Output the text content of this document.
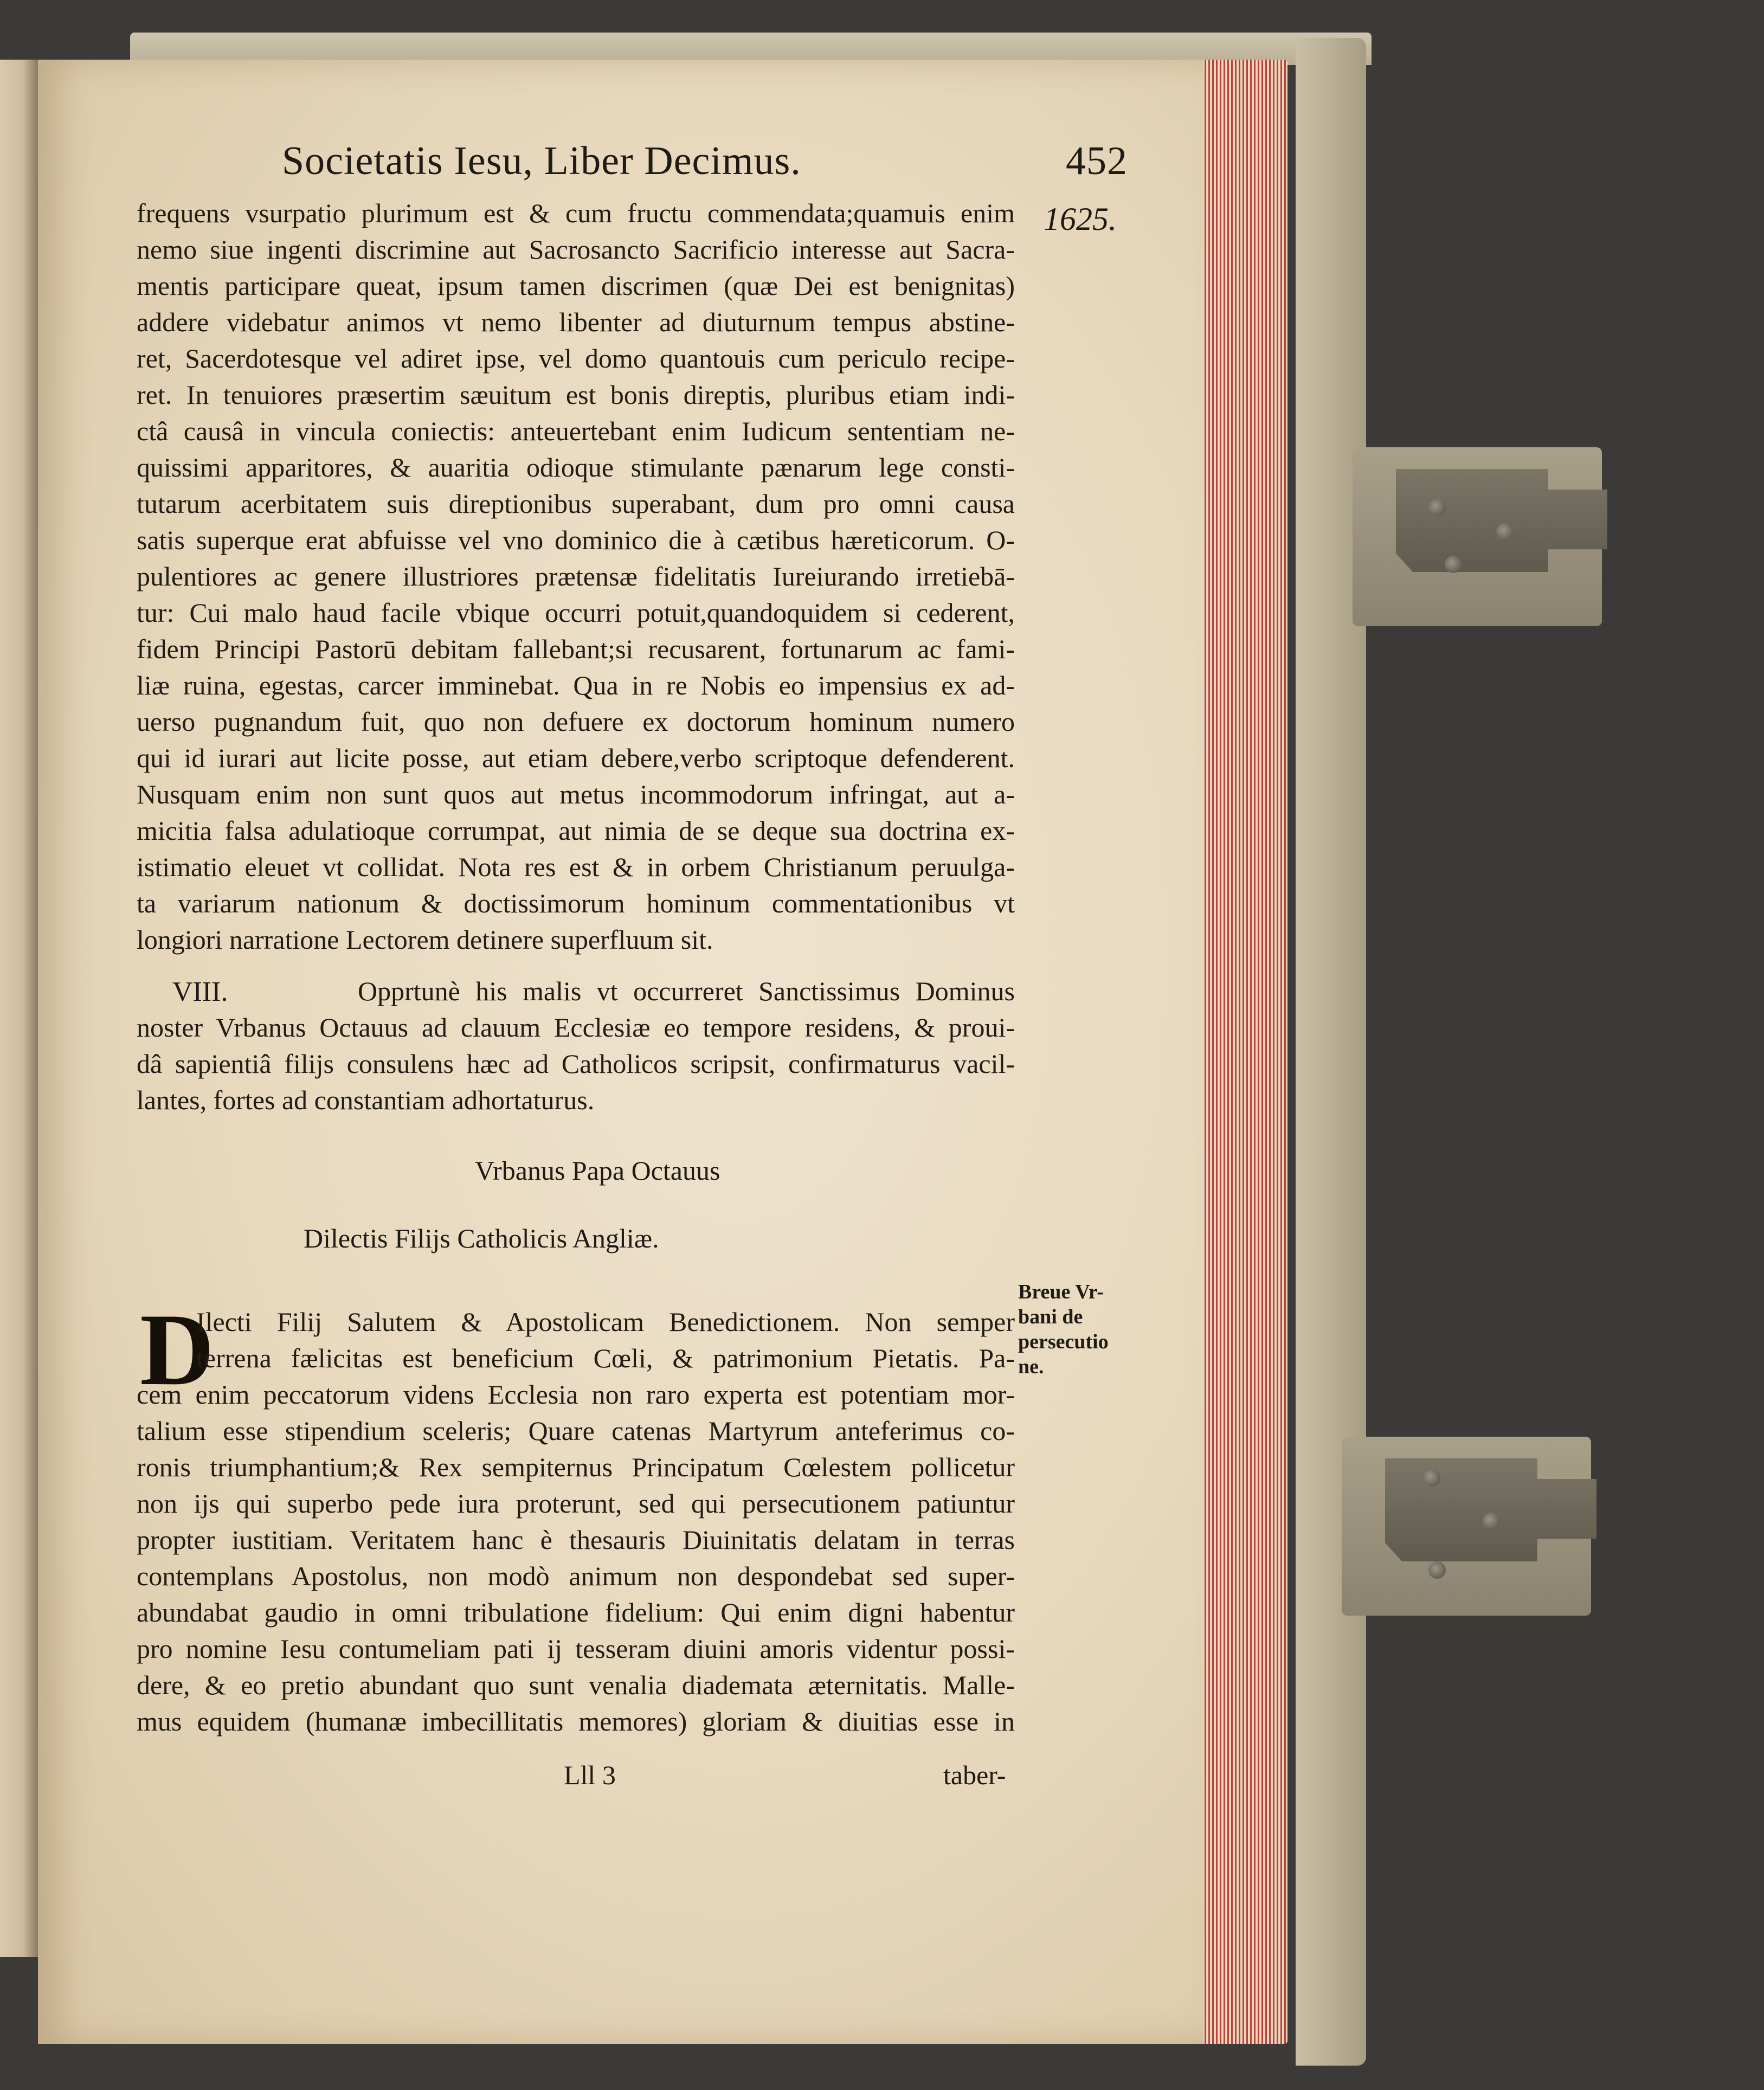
Societatis Iesu, Liber Decimus.	452
1625.
frequens vsurpatio plurimum est & cum fructu commendata;quamuis enim
nemo siue ingenti discrimine aut Sacrosancto Sacrificio interesse aut Sacra-
mentis participare queat, ipsum tamen discrimen (quæ Dei est benignitas)
addere videbatur animos vt nemo libenter ad diuturnum tempus abstine-
ret, Sacerdotesque vel adiret ipse, vel domo quantouis cum periculo recipe-
ret. In tenuiores præsertim sæuitum est bonis direptis, pluribus etiam indi-
ctâ causâ in vincula coniectis: anteuertebant enim Iudicum sententiam ne-
quissimi apparitores, & auaritia odioque stimulante pænarum lege consti-
tutarum acerbitatem suis direptionibus superabant, dum pro omni causa
satis superque erat abfuisse vel vno dominico die à cætibus hæreticorum. O-
pulentiores ac genere illustriores prætensæ fidelitatis Iureiurando irretiebā-
tur: Cui malo haud facile vbique occurri potuit,quandoquidem si cederent,
fidem Principi Pastorū debitam fallebant;si recusarent, fortunarum ac fami-
liæ ruina, egestas, carcer imminebat. Qua in re Nobis eo impensius ex ad-
uerso pugnandum fuit, quo non defuere ex doctorum hominum numero
qui id iurari aut licite posse, aut etiam debere,verbo scriptoque defenderent.
Nusquam enim non sunt quos aut metus incommodorum infringat, aut a-
micitia falsa adulatioque corrumpat, aut nimia de se deque sua doctrina ex-
istimatio eleuet vt collidat. Nota res est & in orbem Christianum peruulga-
ta variarum nationum & doctissimorum hominum commentationibus vt
longiori narratione Lectorem detinere superfluum sit.
VIII.	Opprtunè his malis vt occurreret Sanctissimus Dominus
noster Vrbanus Octauus ad clauum Ecclesiæ eo tempore residens, & proui-
dâ sapientiâ filijs consulens hæc ad Catholicos scripsit, confirmaturus vacil-
lantes, fortes ad constantiam adhortaturus.
Vrbanus Papa Octauus
Dilectis Filijs Catholicis Angliæ.
D
Ilecti Filij Salutem & Apostolicam Benedictionem. Non semper
terrena fælicitas est beneficium Cœli, & patrimonium Pietatis. Pa-
cem enim peccatorum videns Ecclesia non raro experta est potentiam mor-
talium esse stipendium sceleris; Quare catenas Martyrum anteferimus co-
ronis triumphantium;& Rex sempiternus Principatum Cœlestem pollicetur
non ijs qui superbo pede iura proterunt, sed qui persecutionem patiuntur
propter iustitiam. Veritatem hanc è thesauris Diuinitatis delatam in terras
contemplans Apostolus, non modò animum non despondebat sed super-
abundabat gaudio in omni tribulatione fidelium: Qui enim digni habentur
pro nomine Iesu contumeliam pati ij tesseram diuini amoris videntur possi-
dere, & eo pretio abundant quo sunt venalia diademata æternitatis. Malle-
mus equidem (humanæ imbecillitatis memores) gloriam & diuitias esse in
Breue Vr-
bani de
persecutio
ne.
Lll 3	taber-
